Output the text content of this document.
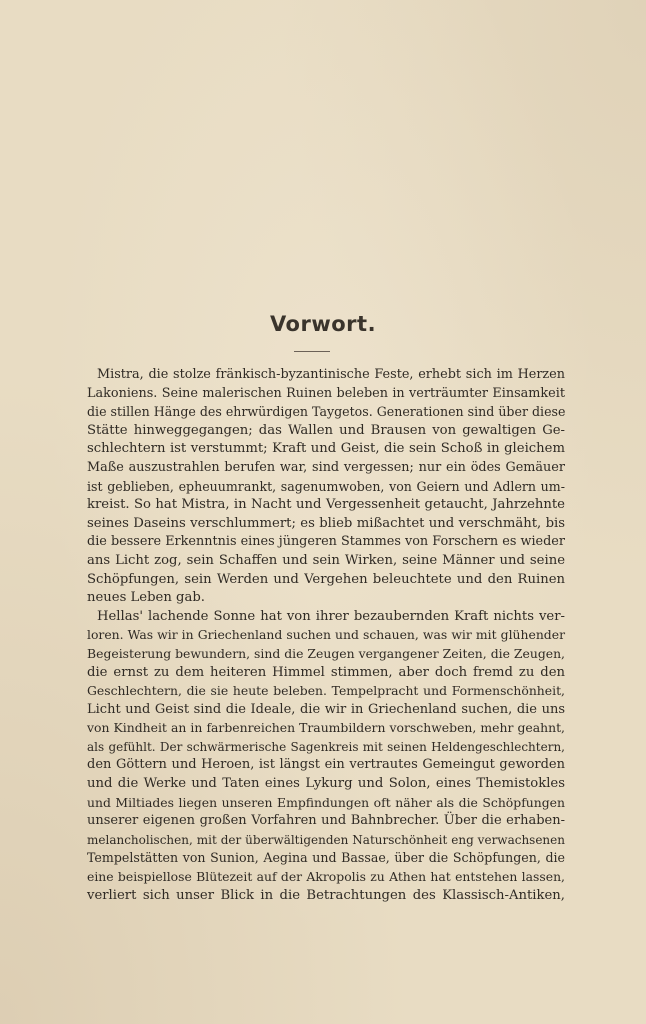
Vorwort.
Mistra, die stolze fränkisch-byzantinische Feste, erhebt sich im Herzen
Lakoniens. Seine malerischen Ruinen beleben in verträumter Einsamkeit
die stillen Hänge des ehrwürdigen Taygetos. Generationen sind über diese
Stätte hinweggegangen; das Wallen und Brausen von gewaltigen Ge-
schlechtern ist verstummt; Kraft und Geist, die sein Schoß in gleichem
Maße auszustrahlen berufen war, sind vergessen; nur ein ödes Gemäuer
ist geblieben, epheuumrankt, sagenumwoben, von Geiern und Adlern um-
kreist. So hat Mistra, in Nacht und Vergessenheit getaucht, Jahrzehnte
seines Daseins verschlummert; es blieb mißachtet und verschmäht, bis
die bessere Erkenntnis eines jüngeren Stammes von Forschern es wieder
ans Licht zog, sein Schaffen und sein Wirken, seine Männer und seine
Schöpfungen, sein Werden und Vergehen beleuchtete und den Ruinen
neues Leben gab.
Hellas' lachende Sonne hat von ihrer bezaubernden Kraft nichts ver-
loren. Was wir in Griechenland suchen und schauen, was wir mit glühender
Begeisterung bewundern, sind die Zeugen vergangener Zeiten, die Zeugen,
die ernst zu dem heiteren Himmel stimmen, aber doch fremd zu den
Geschlechtern, die sie heute beleben. Tempelpracht und Formenschönheit,
Licht und Geist sind die Ideale, die wir in Griechenland suchen, die uns
von Kindheit an in farbenreichen Traumbildern vorschweben, mehr geahnt,
als gefühlt. Der schwärmerische Sagenkreis mit seinen Heldengeschlechtern,
den Göttern und Heroen, ist längst ein vertrautes Gemeingut geworden
und die Werke und Taten eines Lykurg und Solon, eines Themistokles
und Miltiades liegen unseren Empfindungen oft näher als die Schöpfungen
unserer eigenen großen Vorfahren und Bahnbrecher. Über die erhaben-
melancholischen, mit der überwältigenden Naturschönheit eng verwachsenen
Tempelstätten von Sunion, Aegina und Bassae, über die Schöpfungen, die
eine beispiellose Blütezeit auf der Akropolis zu Athen hat entstehen lassen,
verliert sich unser Blick in die Betrachtungen des Klassisch-Antiken,
